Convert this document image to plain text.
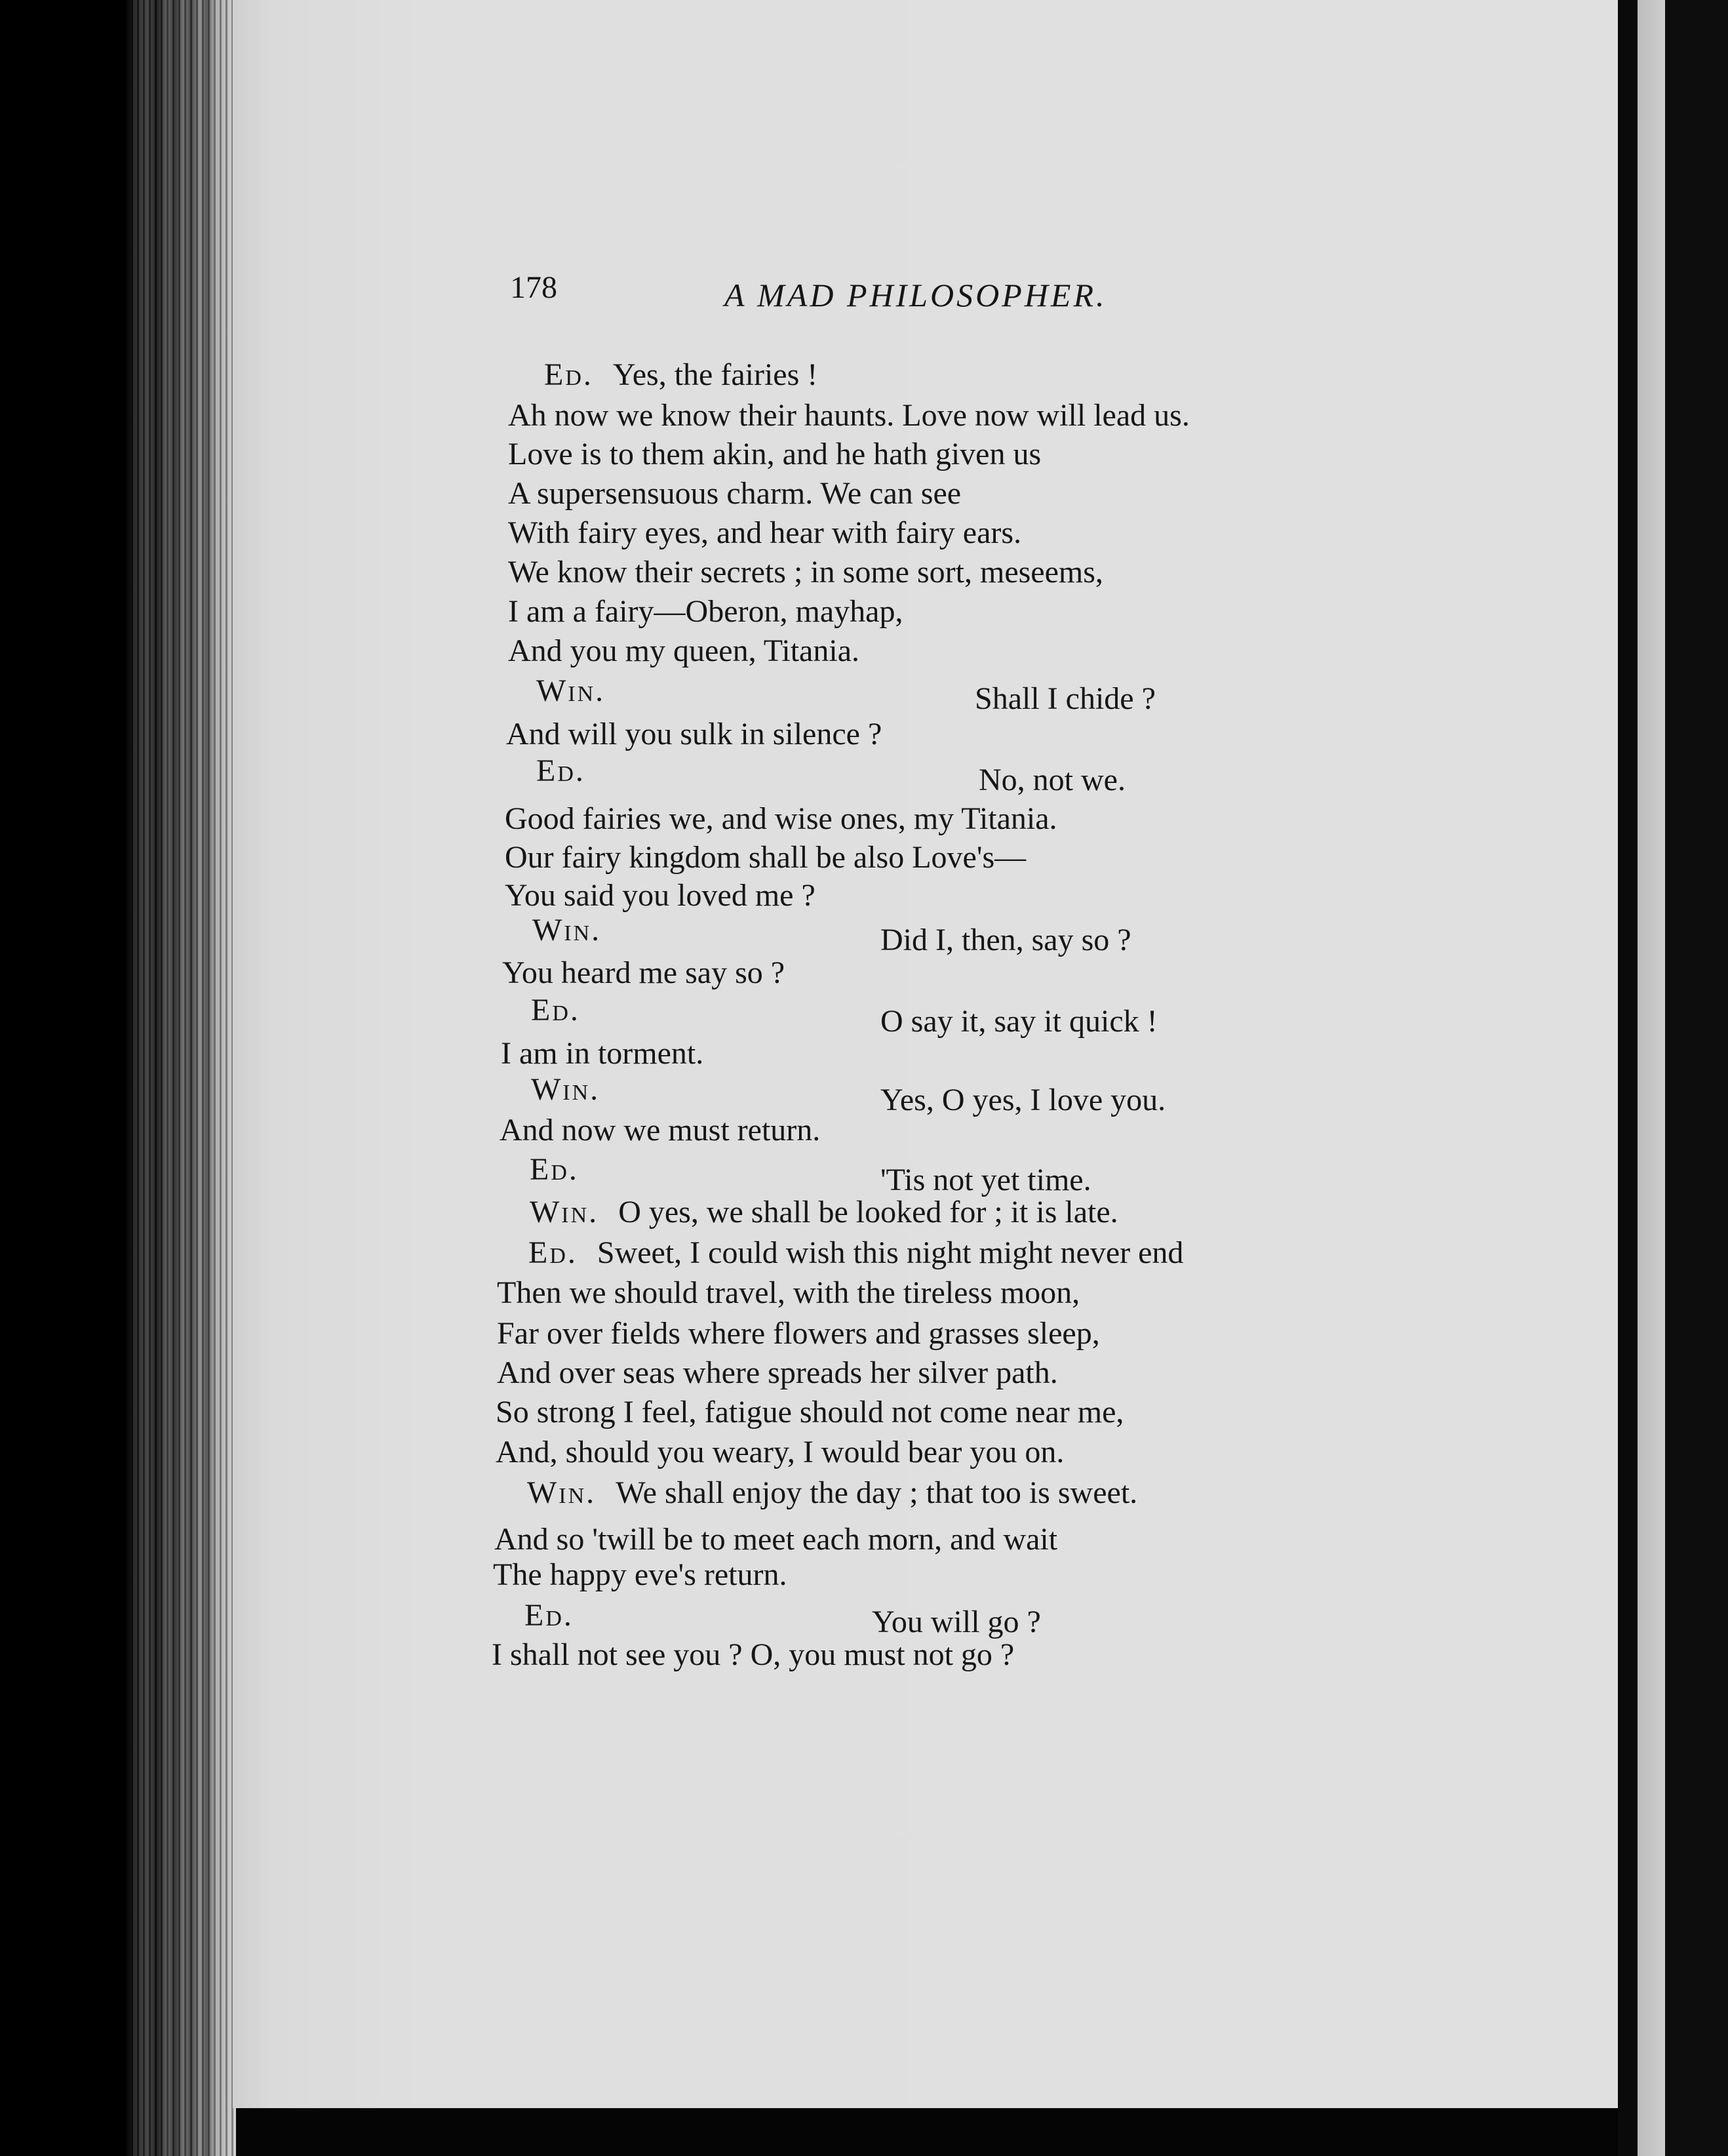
178	A MAD PHILOSOPHER.
Ed. Yes, the fairies !
Ah now we know their haunts. Love now will lead us.
Love is to them akin, and he hath given us
A supersensuous charm. We can see
With fairy eyes, and hear with fairy ears.
We know their secrets ; in some sort, meseems,
I am a fairy—Oberon, mayhap,
And you my queen, Titania.
Win.	Shall I chide ?
And will you sulk in silence ?
Ed.	No, not we.
Good fairies we, and wise ones, my Titania.
Our fairy kingdom shall be also Love's—
You said you loved me ?
Win.	Did I, then, say so ?
You heard me say so ?
Ed.	O say it, say it quick !
I am in torment.
Win.	Yes, O yes, I love you.
And now we must return.
Ed.	'Tis not yet time.
Win. O yes, we shall be looked for ; it is late.
Ed. Sweet, I could wish this night might never end
Then we should travel, with the tireless moon,
Far over fields where flowers and grasses sleep,
And over seas where spreads her silver path.
So strong I feel, fatigue should not come near me,
And, should you weary, I would bear you on.
Win. We shall enjoy the day ; that too is sweet.
And so 'twill be to meet each morn, and wait
The happy eve's return.
Ed.	You will go ?
I shall not see you ? O, you must not go ?
